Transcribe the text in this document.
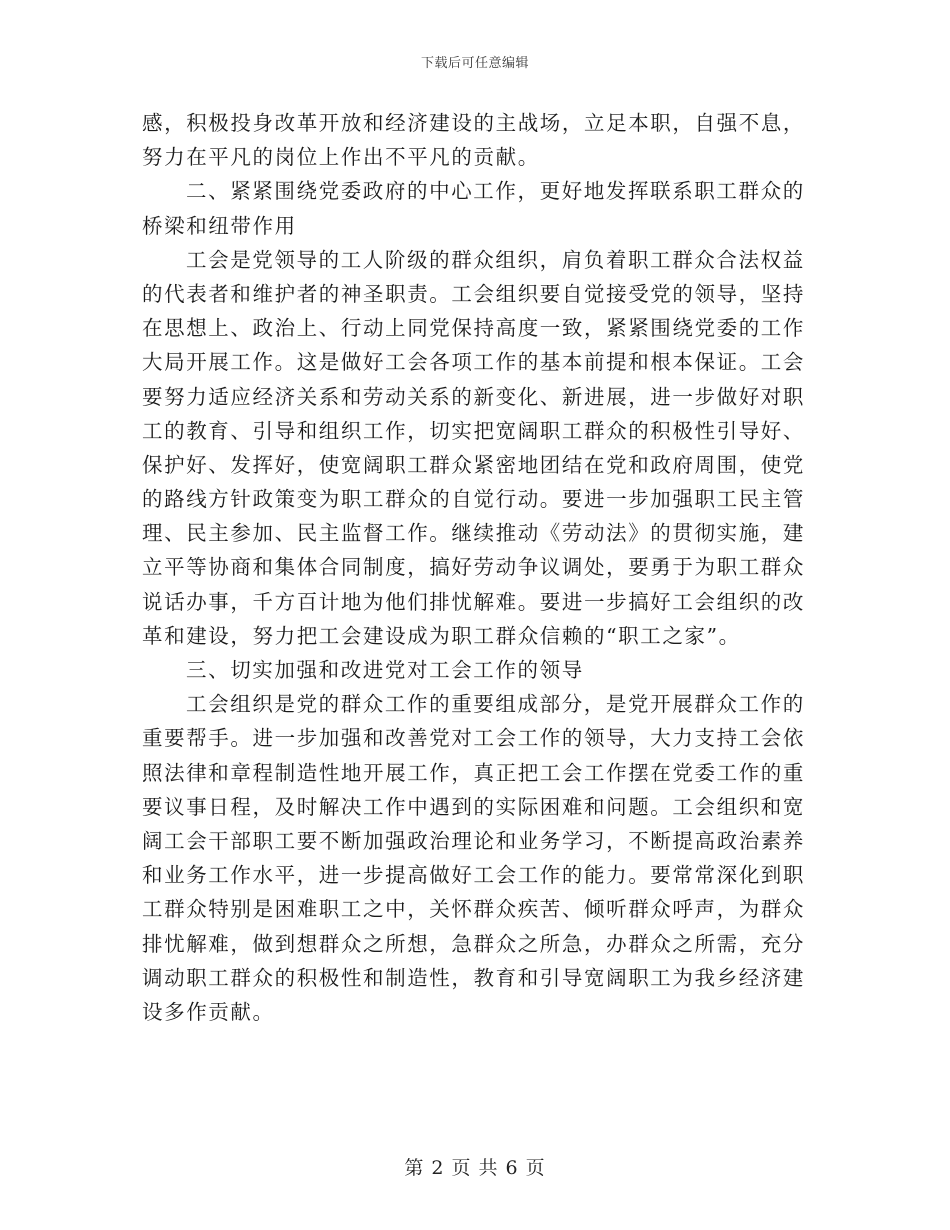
下载后可任意编辑
感，积极投身改革开放和经济建设的主战场，立足本职，自强不息，
努力在平凡的岗位上作出不平凡的贡献。
二、紧紧围绕党委政府的中心工作，更好地发挥联系职工群众的
桥梁和纽带作用
工会是党领导的工人阶级的群众组织，肩负着职工群众合法权益
的代表者和维护者的神圣职责。工会组织要自觉接受党的领导，坚持
在思想上、政治上、行动上同党保持高度一致，紧紧围绕党委的工作
大局开展工作。这是做好工会各项工作的基本前提和根本保证。工会
要努力适应经济关系和劳动关系的新变化、新进展，进一步做好对职
工的教育、引导和组织工作，切实把宽阔职工群众的积极性引导好、
保护好、发挥好，使宽阔职工群众紧密地团结在党和政府周围，使党
的路线方针政策变为职工群众的自觉行动。要进一步加强职工民主管
理、民主参加、民主监督工作。继续推动《劳动法》的贯彻实施，建
立平等协商和集体合同制度，搞好劳动争议调处，要勇于为职工群众
说话办事，千方百计地为他们排忧解难。要进一步搞好工会组织的改
革和建设，努力把工会建设成为职工群众信赖的“职工之家”。
三、切实加强和改进党对工会工作的领导
工会组织是党的群众工作的重要组成部分，是党开展群众工作的
重要帮手。进一步加强和改善党对工会工作的领导，大力支持工会依
照法律和章程制造性地开展工作，真正把工会工作摆在党委工作的重
要议事日程，及时解决工作中遇到的实际困难和问题。工会组织和宽
阔工会干部职工要不断加强政治理论和业务学习，不断提高政治素养
和业务工作水平，进一步提高做好工会工作的能力。要常常深化到职
工群众特别是困难职工之中，关怀群众疾苦、倾听群众呼声，为群众
排忧解难，做到想群众之所想，急群众之所急，办群众之所需，充分
调动职工群众的积极性和制造性，教育和引导宽阔职工为我乡经济建
设多作贡献。
第 2 页 共 6 页
